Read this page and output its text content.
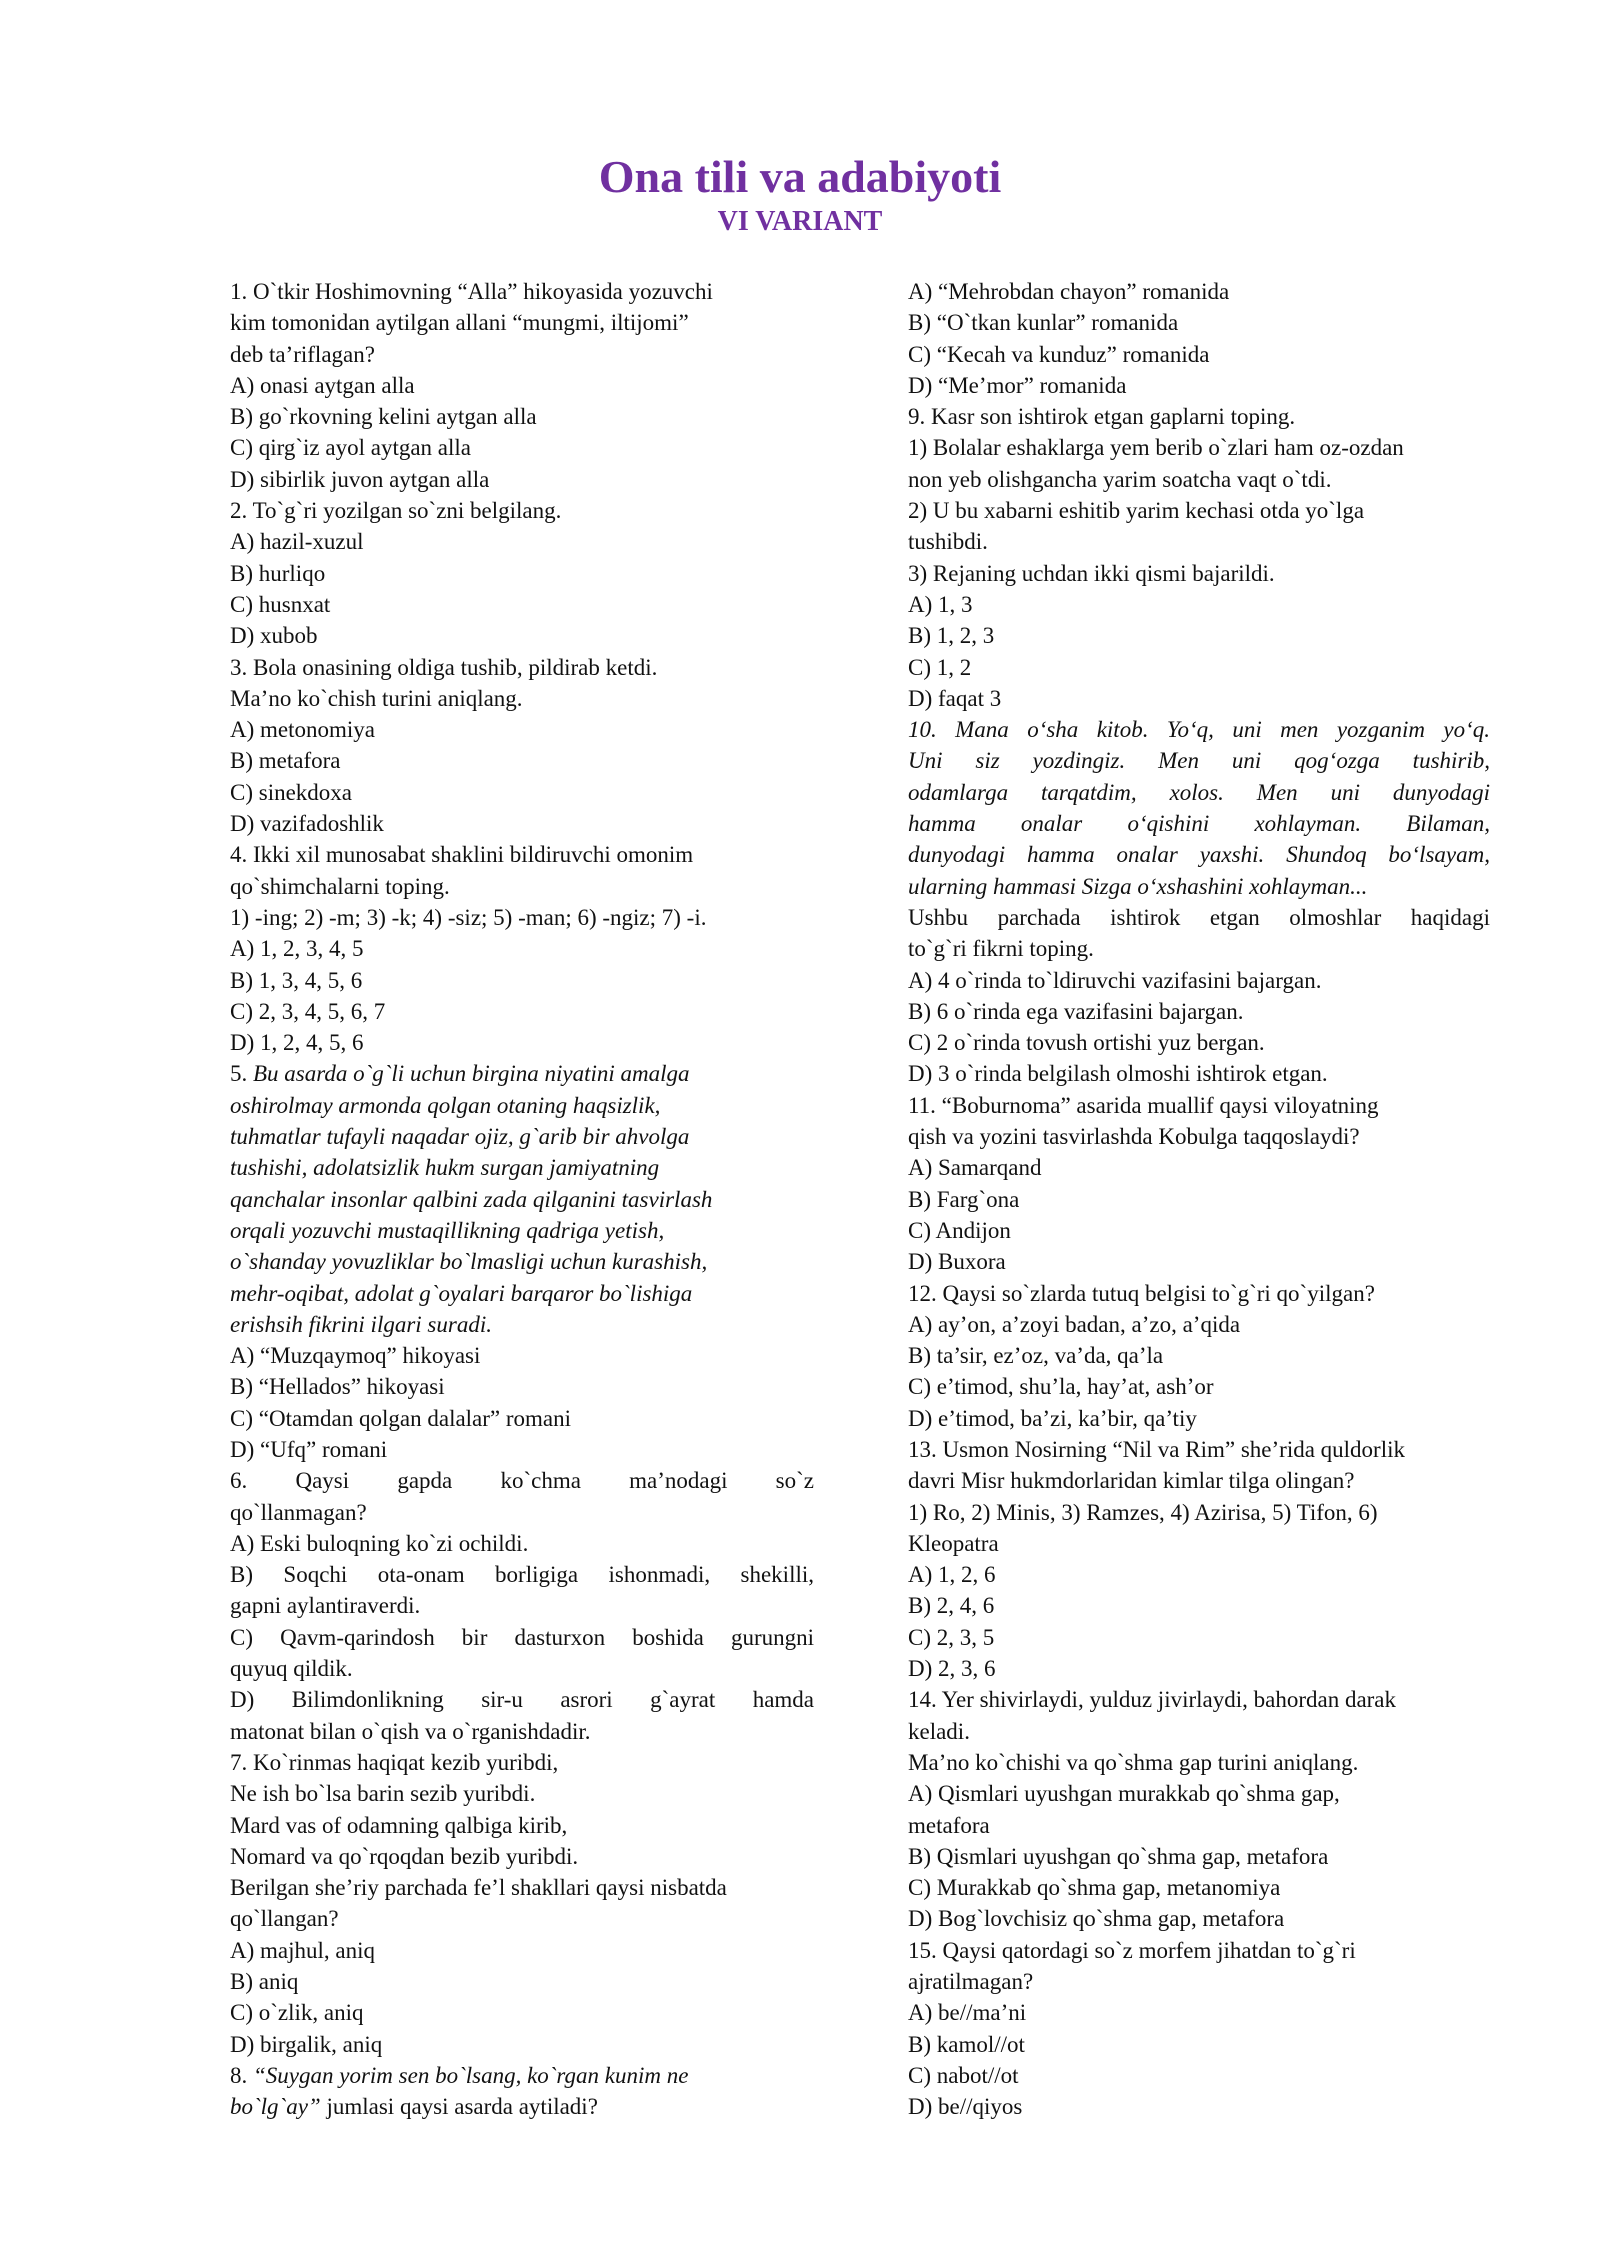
Ona tili va adabiyoti
VI VARIANT
1. O`tkir Hoshimovning “Alla” hikoyasida yozuvchi
kim tomonidan aytilgan allani “mungmi, iltijomi”
deb ta’riflagan?
A) onasi aytgan alla
B) go`rkovning kelini aytgan alla
C) qirg`iz ayol aytgan alla
D) sibirlik juvon aytgan alla
2. To`g`ri yozilgan so`zni belgilang.
A) hazil-xuzul
B) hurliqo
C) husnxat
D) xubob
3. Bola onasining oldiga tushib, pildirab ketdi.
Ma’no ko`chish turini aniqlang.
A) metonomiya
B) metafora
C) sinekdoxa
D) vazifadoshlik
4. Ikki xil munosabat shaklini bildiruvchi omonim
qo`shimchalarni toping.
1) -ing; 2) -m; 3) -k; 4) -siz; 5) -man; 6) -ngiz; 7) -i.
A) 1, 2, 3, 4, 5
B) 1, 3, 4, 5, 6
C) 2, 3, 4, 5, 6, 7
D) 1, 2, 4, 5, 6
5. Bu asarda o`g`li uchun birgina niyatini amalga
oshirolmay armonda qolgan otaning haqsizlik,
tuhmatlar tufayli naqadar ojiz, g`arib bir ahvolga
tushishi, adolatsizlik hukm surgan jamiyatning
qanchalar insonlar qalbini zada qilganini tasvirlash
orqali yozuvchi mustaqillikning qadriga yetish,
o`shanday yovuzliklar bo`lmasligi uchun kurashish,
mehr-oqibat, adolat g`oyalari barqaror bo`lishiga
erishsih fikrini ilgari suradi.
A) “Muzqaymoq” hikoyasi
B) “Hellados” hikoyasi
C) “Otamdan qolgan dalalar” romani
D) “Ufq” romani
6. Qaysi gapda ko`chma ma’nodagi so`z
qo`llanmagan?
A) Eski buloqning ko`zi ochildi.
B) Soqchi ota-onam borligiga ishonmadi, shekilli,
gapni aylantiraverdi.
C) Qavm-qarindosh bir dasturxon boshida gurungni
quyuq qildik.
D) Bilimdonlikning sir-u asrori g`ayrat hamda
matonat bilan o`qish va o`rganishdadir.
7. Ko`rinmas haqiqat kezib yuribdi,
Ne ish bo`lsa barin sezib yuribdi.
Mard vas of odamning qalbiga kirib,
Nomard va qo`rqoqdan bezib yuribdi.
Berilgan she’riy parchada fe’l shakllari qaysi nisbatda
qo`llangan?
A) majhul, aniq
B) aniq
C) o`zlik, aniq
D) birgalik, aniq
8. “Suygan yorim sen bo`lsang, ko`rgan kunim ne
bo`lg`ay” jumlasi qaysi asarda aytiladi?
A) “Mehrobdan chayon” romanida
B) “O`tkan kunlar” romanida
C) “Kecah va kunduz” romanida
D) “Me’mor” romanida
9. Kasr son ishtirok etgan gaplarni toping.
1) Bolalar eshaklarga yem berib o`zlari ham oz-ozdan
non yeb olishgancha yarim soatcha vaqt o`tdi.
2) U bu xabarni eshitib yarim kechasi otda yo`lga
tushibdi.
3) Rejaning uchdan ikki qismi bajarildi.
A) 1, 3
B) 1, 2, 3
C) 1, 2
D) faqat 3
10. Mana o‘sha kitob. Yo‘q, uni men yozganim yo‘q.
Uni siz yozdingiz. Men uni qog‘ozga tushirib,
odamlarga tarqatdim, xolos. Men uni dunyodagi
hamma onalar o‘qishini xohlayman. Bilaman,
dunyodagi hamma onalar yaxshi. Shundoq bo‘lsayam,
ularning hammasi Sizga o‘xshashini xohlayman...
Ushbu parchada ishtirok etgan olmoshlar haqidagi
to`g`ri fikrni toping.
A) 4 o`rinda to`ldiruvchi vazifasini bajargan.
B) 6 o`rinda ega vazifasini bajargan.
C) 2 o`rinda tovush ortishi yuz bergan.
D) 3 o`rinda belgilash olmoshi ishtirok etgan.
11. “Boburnoma” asarida muallif qaysi viloyatning
qish va yozini tasvirlashda Kobulga taqqoslaydi?
A) Samarqand
B) Farg`ona
C) Andijon
D) Buxora
12. Qaysi so`zlarda tutuq belgisi to`g`ri qo`yilgan?
A) ay’on, a’zoyi badan, a’zo, a’qida
B) ta’sir, ez’oz, va’da, qa’la
C) e’timod, shu’la, hay’at, ash’or
D) e’timod, ba’zi, ka’bir, qa’tiy
13. Usmon Nosirning “Nil va Rim” she’rida quldorlik
davri Misr hukmdorlaridan kimlar tilga olingan?
1) Ro, 2) Minis, 3) Ramzes, 4) Azirisa, 5) Tifon, 6)
Kleopatra
A) 1, 2, 6
B) 2, 4, 6
C) 2, 3, 5
D) 2, 3, 6
14. Yer shivirlaydi, yulduz jivirlaydi, bahordan darak
keladi.
Ma’no ko`chishi va qo`shma gap turini aniqlang.
A) Qismlari uyushgan murakkab qo`shma gap,
metafora
B) Qismlari uyushgan qo`shma gap, metafora
C) Murakkab qo`shma gap, metanomiya
D) Bog`lovchisiz qo`shma gap, metafora
15. Qaysi qatordagi so`z morfem jihatdan to`g`ri
ajratilmagan?
A) be//ma’ni
B) kamol//ot
C) nabot//ot
D) be//qiyos
